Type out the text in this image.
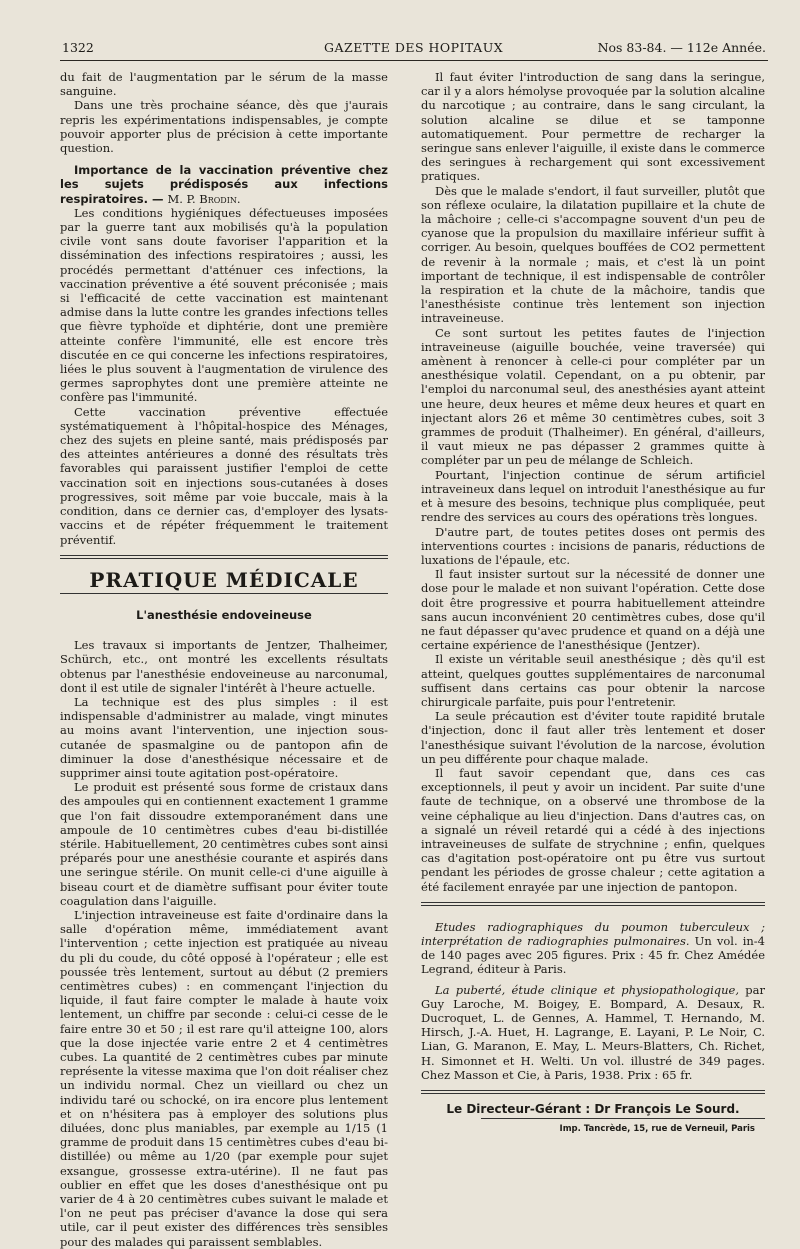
1322	GAZETTE DES HOPITAUX	Nos 83-84. — 112e Année.

du fait de l'augmentation par le sérum de la masse sanguine.

Dans une très prochaine séance, dès que j'aurais repris les expérimentations indispensables, je compte pouvoir apporter plus de précision à cette importante question.

Importance de la vaccination préventive chez les sujets prédisposés aux infections respiratoires. — M. P. Brodin.

Les conditions hygiéniques défectueuses imposées par la guerre tant aux mobilisés qu'à la population civile vont sans doute favoriser l'apparition et la dissémination des infections respiratoires ; aussi, les procédés permettant d'atténuer ces infections, la vaccination préventive a été souvent préconisée ; mais si l'efficacité de cette vaccination est maintenant admise dans la lutte contre les grandes infections telles que fièvre typhoïde et diphtérie, dont une première atteinte confère l'immunité, elle est encore très discutée en ce qui concerne les infections respiratoires, liées le plus souvent à l'augmentation de virulence des germes saprophytes dont une première atteinte ne confère pas l'immunité.

Cette vaccination préventive effectuée systématiquement à l'hôpital-hospice des Ménages, chez des sujets en pleine santé, mais prédisposés par des atteintes antérieures a donné des résultats très favorables qui paraissent justifier l'emploi de cette vaccination soit en injections sous-cutanées à doses progressives, soit même par voie buccale, mais à la condition, dans ce dernier cas, d'employer des lysats-vaccins et de répéter fréquemment le traitement préventif.

PRATIQUE MÉDICALE
L'anesthésie endoveineuse

Les travaux si importants de Jentzer, Thalheimer, Schürch, etc., ont montré les excellents résultats obtenus par l'anesthésie endoveineuse au narconumal, dont il est utile de signaler l'intérêt à l'heure actuelle.

La technique est des plus simples : il est indispensable d'administrer au malade, vingt minutes au moins avant l'intervention, une injection sous-cutanée de spasmalgine ou de pantopon afin de diminuer la dose d'anesthésique nécessaire et de supprimer ainsi toute agitation post-opératoire.

Le produit est présenté sous forme de cristaux dans des ampoules qui en contiennent exactement 1 gramme que l'on fait dissoudre extemporanément dans une ampoule de 10 centimètres cubes d'eau bi-distillée stérile. Habituellement, 20 centimètres cubes sont ainsi préparés pour une anesthésie courante et aspirés dans une seringue stérile. On munit celle-ci d'une aiguille à biseau court et de diamètre suffisant pour éviter toute coagulation dans l'aiguille.

L'injection intraveineuse est faite d'ordinaire dans la salle d'opération même, immédiatement avant l'intervention ; cette injection est pratiquée au niveau du pli du coude, du côté opposé à l'opérateur ; elle est poussée très lentement, surtout au début (2 premiers centimètres cubes) : en commençant l'injection du liquide, il faut faire compter le malade à haute voix lentement, un chiffre par seconde : celui-ci cesse de le faire entre 30 et 50 ; il est rare qu'il atteigne 100, alors que la dose injectée varie entre 2 et 4 centimètres cubes. La quantité de 2 centimètres cubes par minute représente la vitesse maxima que l'on doit réaliser chez un individu normal. Chez un vieillard ou chez un individu taré ou schocké, on ira encore plus lentement et on n'hésitera pas à employer des solutions plus diluées, donc plus maniables, par exemple au 1/15 (1 gramme de produit dans 15 centimètres cubes d'eau bi-distillée) ou même au 1/20 (par exemple pour sujet exsangue, grossesse extra-utérine). Il ne faut pas oublier en effet que les doses d'anesthésique ont pu varier de 4 à 20 centimètres cubes suivant le malade et l'on ne peut pas préciser d'avance la dose qui sera utile, car il peut exister des différences très sensibles pour des malades qui paraissent semblables.

Il faut éviter l'introduction de sang dans la seringue, car il y a alors hémolyse provoquée par la solution alcaline du narcotique ; au contraire, dans le sang circulant, la solution alcaline se dilue et se tamponne automatiquement. Pour permettre de recharger la seringue sans enlever l'aiguille, il existe dans le commerce des seringues à rechargement qui sont excessivement pratiques.

Dès que le malade s'endort, il faut surveiller, plutôt que son réflexe oculaire, la dilatation pupillaire et la chute de la mâchoire ; celle-ci s'accompagne souvent d'un peu de cyanose que la propulsion du maxillaire inférieur suffit à corriger. Au besoin, quelques bouffées de CO2 permettent de revenir à la normale ; mais, et c'est là un point important de technique, il est indispensable de contrôler la respiration et la chute de la mâchoire, tandis que l'anesthésiste continue très lentement son injection intraveineuse.

Ce sont surtout les petites fautes de l'injection intraveineuse (aiguille bouchée, veine traversée) qui amènent à renoncer à celle-ci pour compléter par un anesthésique volatil. Cependant, on a pu obtenir, par l'emploi du narconumal seul, des anesthésies ayant atteint une heure, deux heures et même deux heures et quart en injectant alors 26 et même 30 centimètres cubes, soit 3 grammes de produit (Thalheimer). En général, d'ailleurs, il vaut mieux ne pas dépasser 2 grammes quitte à compléter par un peu de mélange de Schleich.

Pourtant, l'injection continue de sérum artificiel intraveineux dans lequel on introduit l'anesthésique au fur et à mesure des besoins, technique plus compliquée, peut rendre des services au cours des opérations très longues.

D'autre part, de toutes petites doses ont permis des interventions courtes : incisions de panaris, réductions de luxations de l'épaule, etc.

Il faut insister surtout sur la nécessité de donner une dose pour le malade et non suivant l'opération. Cette dose doit être progressive et pourra habituellement atteindre sans aucun inconvénient 20 centimètres cubes, dose qu'il ne faut dépasser qu'avec prudence et quand on a déjà une certaine expérience de l'anesthésique (Jentzer).

Il existe un véritable seuil anesthésique ; dès qu'il est atteint, quelques gouttes supplémentaires de narconumal suffisent dans certains cas pour obtenir la narcose chirurgicale parfaite, puis pour l'entretenir.

La seule précaution est d'éviter toute rapidité brutale d'injection, donc il faut aller très lentement et doser l'anesthésique suivant l'évolution de la narcose, évolution un peu différente pour chaque malade.

Il faut savoir cependant que, dans ces cas exceptionnels, il peut y avoir un incident. Par suite d'une faute de technique, on a observé une thrombose de la veine céphalique au lieu d'injection. Dans d'autres cas, on a signalé un réveil retardé qui a cédé à des injections intraveineuses de sulfate de strychnine ; enfin, quelques cas d'agitation post-opératoire ont pu être vus surtout pendant les périodes de grosse chaleur ; cette agitation a été facilement enrayée par une injection de pantopon.

Etudes radiographiques du poumon tuberculeux ; interprétation de radiographies pulmonaires. Un vol. in-4 de 140 pages avec 205 figures. Prix : 45 fr. Chez Amédée Legrand, éditeur à Paris.

La puberté, étude clinique et physiopathologique, par Guy Laroche, M. Boigey, E. Bompard, A. Desaux, R. Ducroquet, L. de Gennes, A. Hammel, T. Hernando, M. Hirsch, J.-A. Huet, H. Lagrange, E. Layani, P. Le Noir, C. Lian, G. Maranon, E. May, L. Meurs-Blatters, Ch. Richet, H. Simonnet et H. Welti. Un vol. illustré de 349 pages. Chez Masson et Cie, à Paris, 1938. Prix : 65 fr.

Le Directeur-Gérant : Dr François Le Sourd.
Imp. Tancrède, 15, rue de Verneuil, Paris
